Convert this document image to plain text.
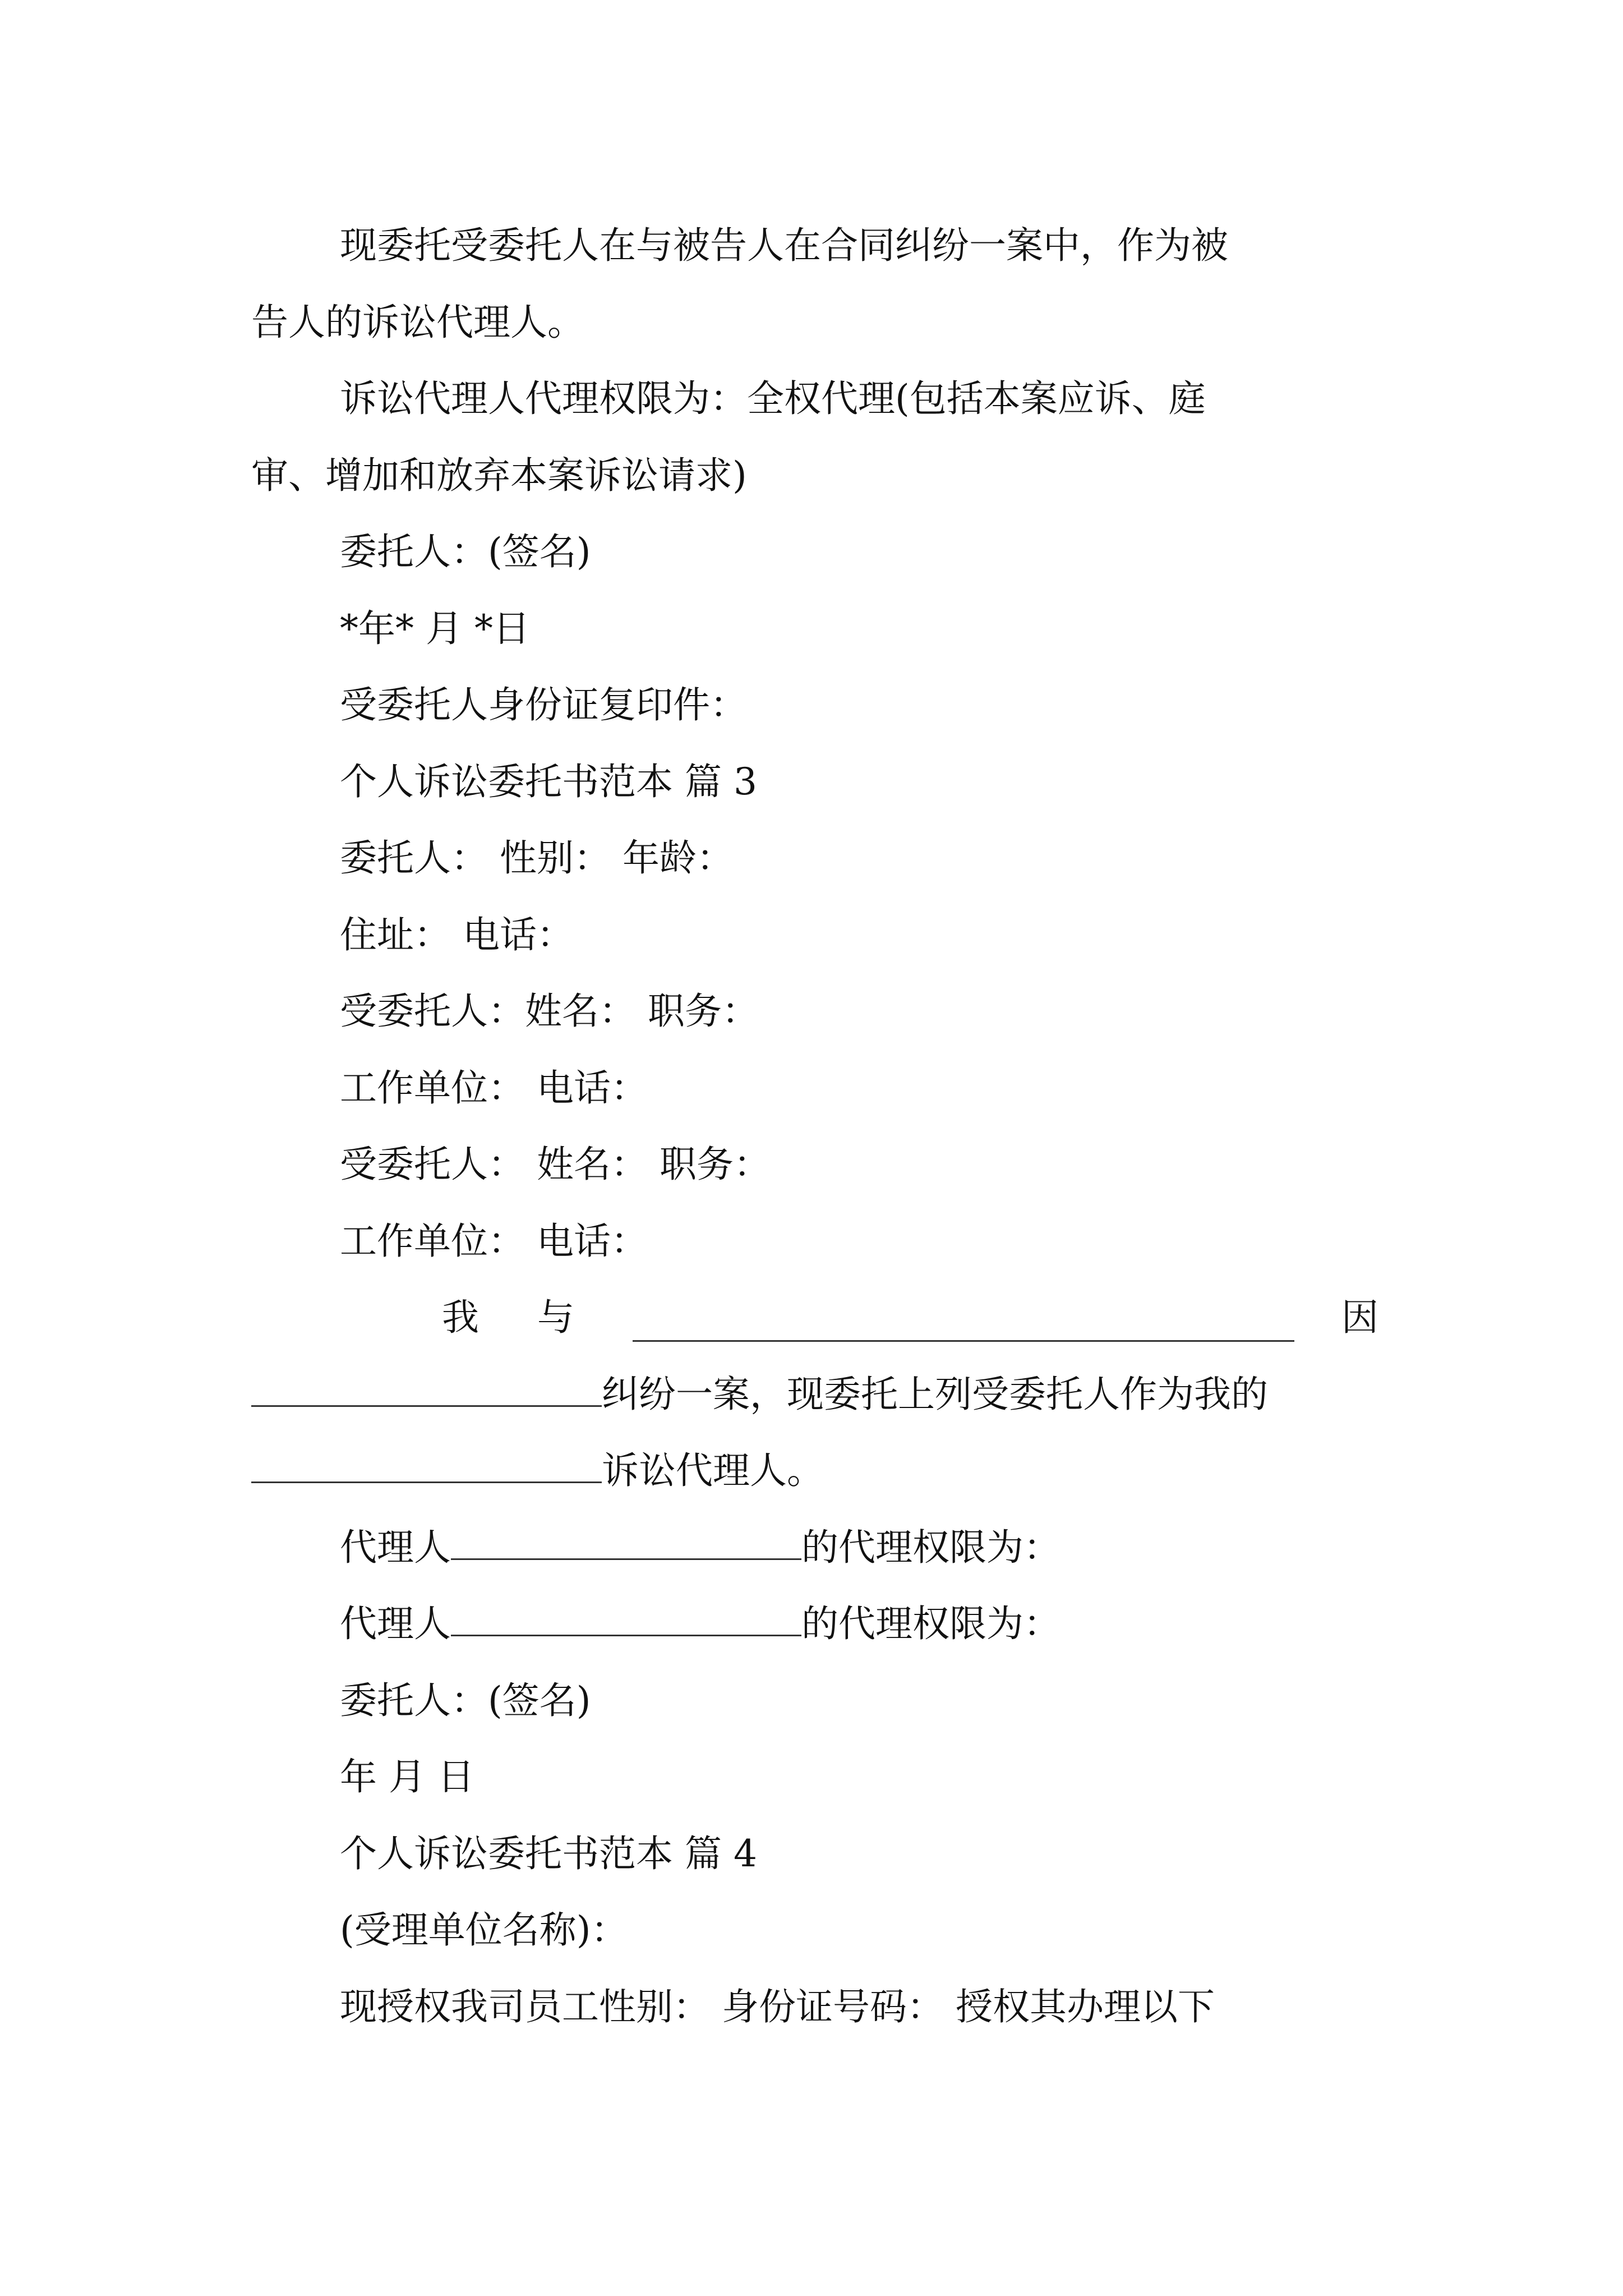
现委托受委托人在与被告人在合同纠纷一案中，作为被
告人的诉讼代理人。
诉讼代理人代理权限为：全权代理(包括本案应诉、庭
审、增加和放弃本案诉讼请求)
委托人：(签名)
*年* 月 *日
受委托人身份证复印件：
个人诉讼委托书范本 篇 3
委托人： 性别： 年龄：
住址： 电话：
受委托人：姓名： 职务：
工作单位： 电话：
受委托人： 姓名： 职务：
工作单位： 电话：
我 与	因
纠纷一案，现委托上列受委托人作为我的
诉讼代理人。
代理人	的代理权限为：
代理人	的代理权限为：
委托人：(签名)
年 月 日
个人诉讼委托书范本 篇 4
(受理单位名称)：
现授权我司员工性别： 身份证号码： 授权其办理以下
